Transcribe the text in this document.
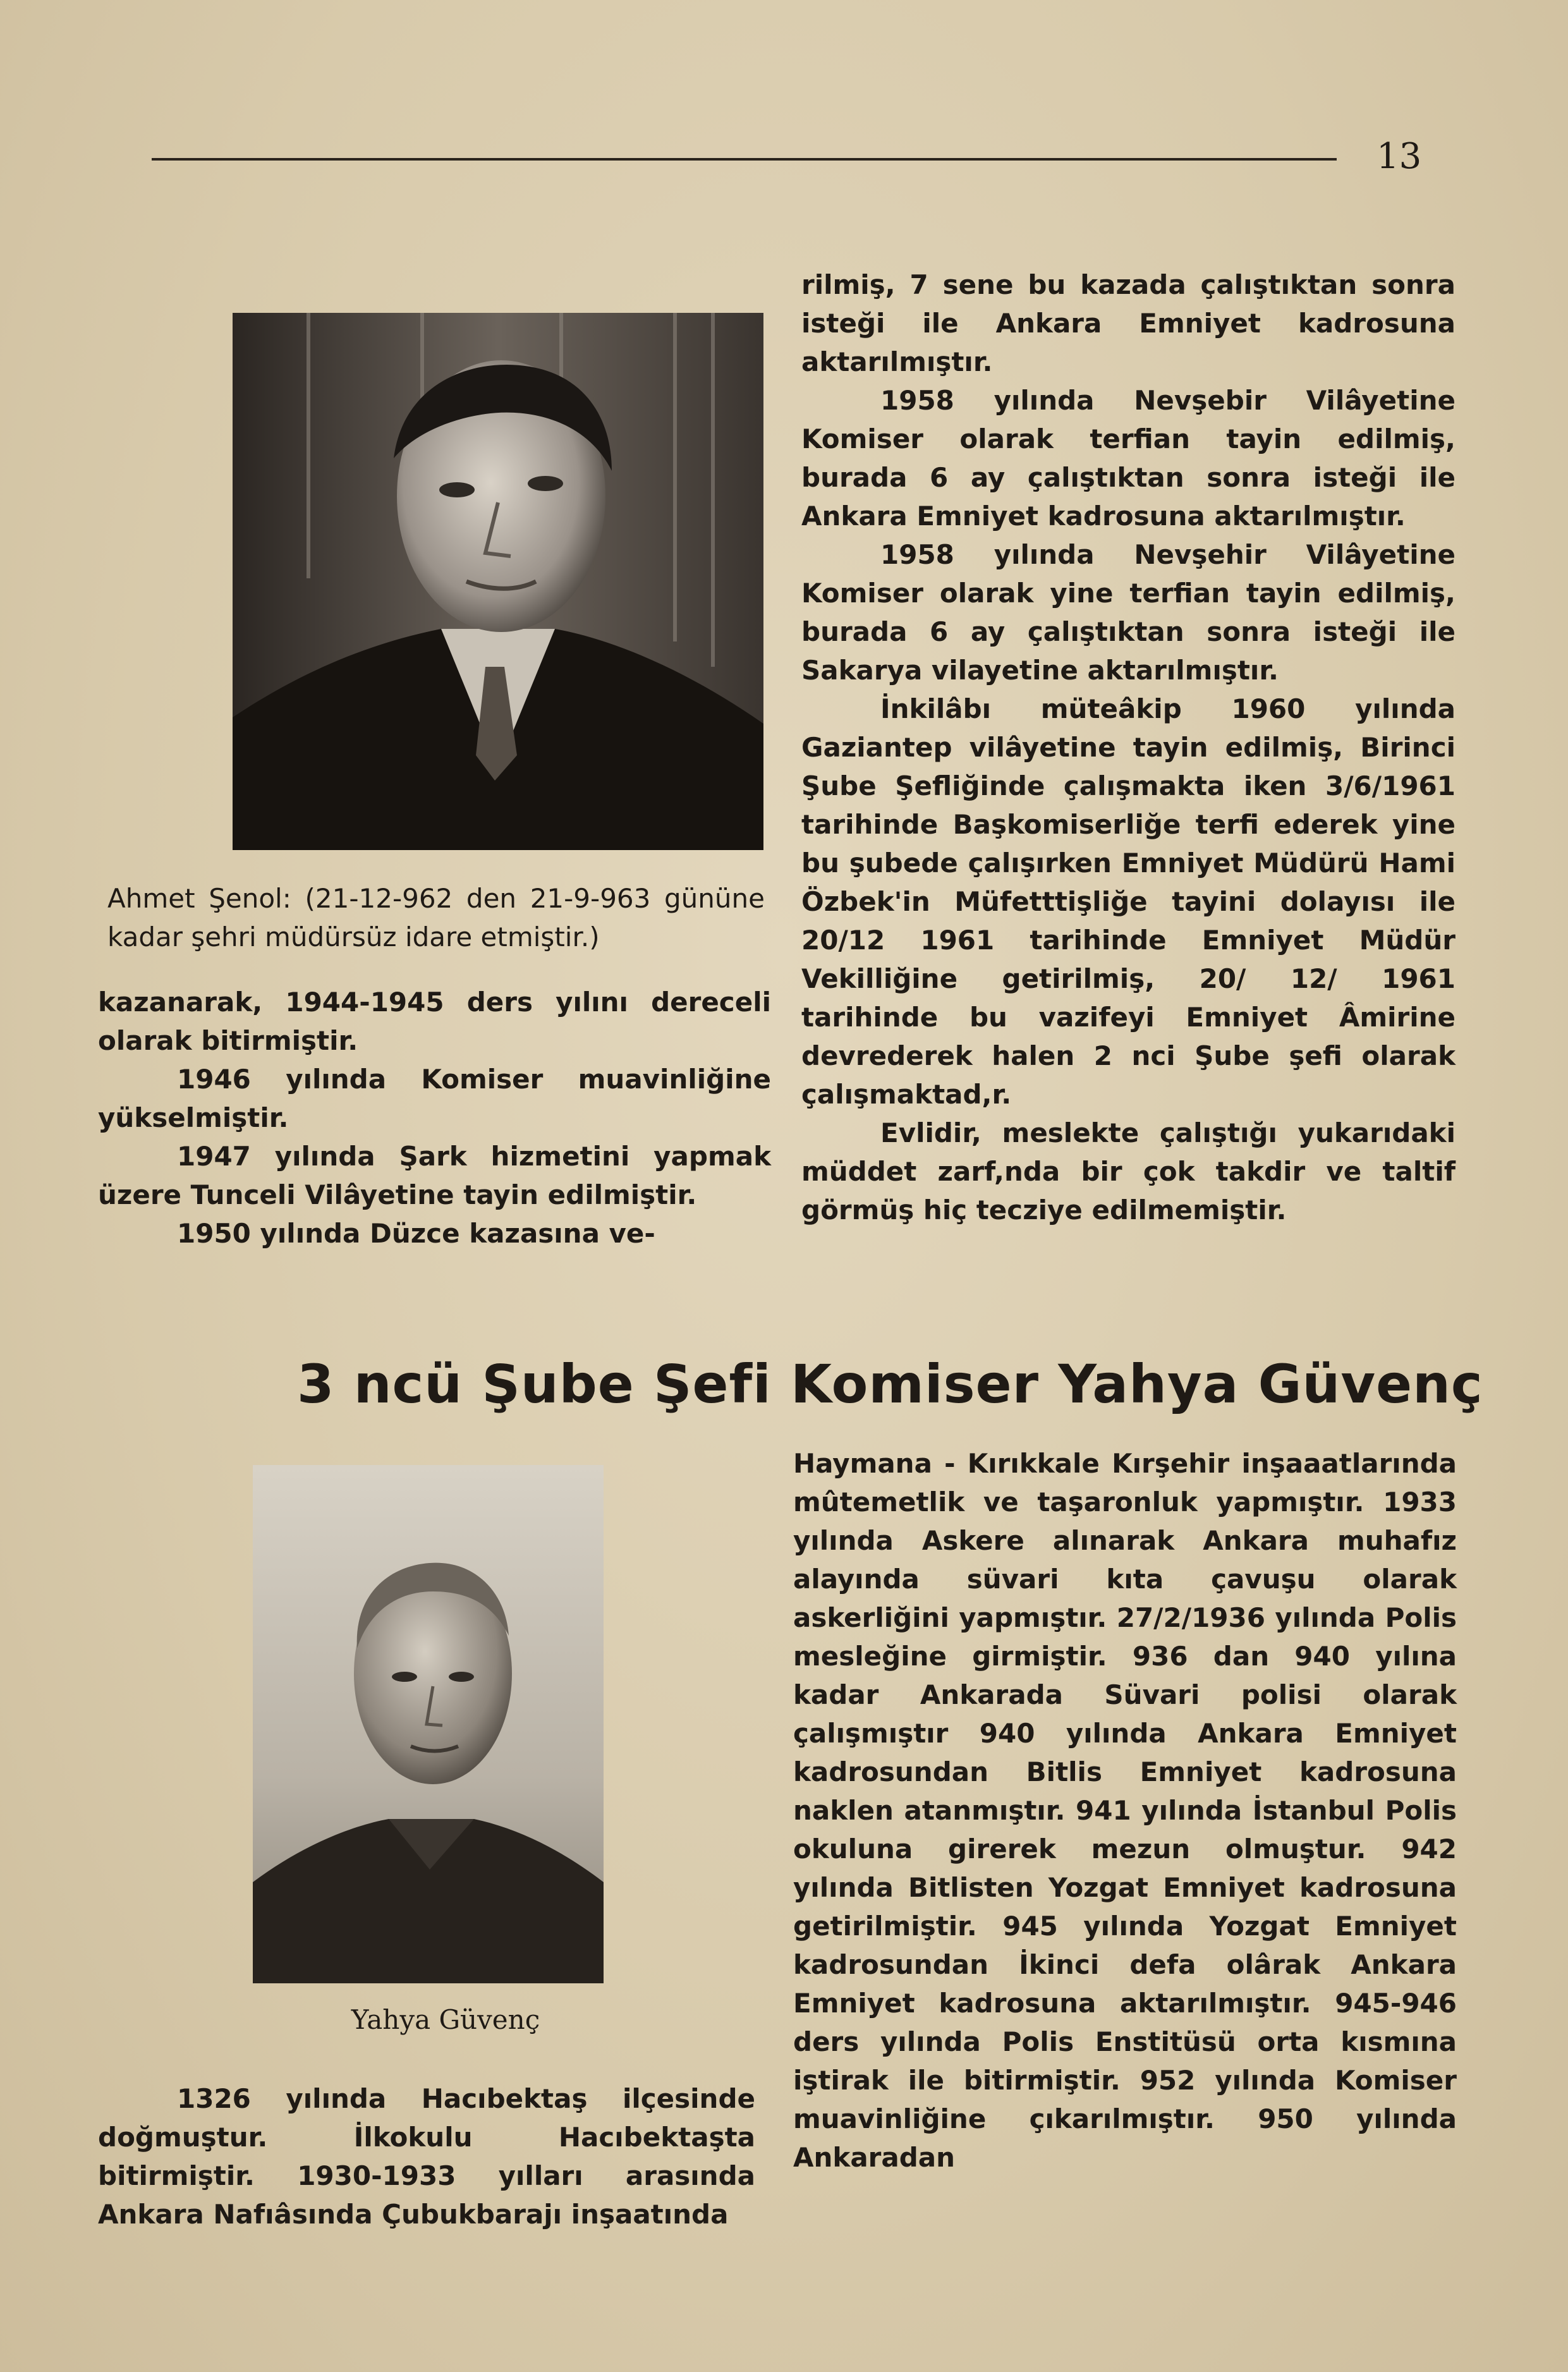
13
Ahmet Şenol: (21-12-962 den 21-9-963 gününe kadar şehri müdürsüz idare etmiştir.)

kazanarak, 1944-1945 ders yılını dereceli olarak bitirmiştir.

1946 yılında Komiser muavinliğine yükselmiştir.

1947 yılında Şark hizmetini yapmak üzere Tunceli Vilâyetine tayin edilmiştir.

1950 yılında Düzce kazasına ve-

rilmiş, 7 sene bu kazada çalıştıktan sonra isteği ile Ankara Emniyet kadrosuna aktarılmıştır.

1958 yılında Nevşebir Vilâyetine Komiser olarak terfian tayin edilmiş, burada 6 ay çalıştıktan sonra isteği ile Ankara Emniyet kadrosuna aktarılmıştır.

1958 yılında Nevşehir Vilâyetine Komiser olarak yine terfian tayin edilmiş, burada 6 ay çalıştıktan sonra isteği ile Sakarya vilayetine aktarılmıştır.

İnkilâbı müteâkip 1960 yılında Gaziantep vilâyetine tayin edilmiş, Birinci Şube Şefliğinde çalışmakta iken 3/6/1961 tarihinde Başkomiserliğe terfi ederek yine bu şubede çalışırken Emniyet Müdürü Hami Özbek'in Müfetttişliğe tayini dolayısı ile 20/12 1961 tarihinde Emniyet Müdür Vekilliğine getirilmiş, 20/ 12/ 1961 tarihinde bu vazifeyi Emniyet Âmirine devrederek halen 2 nci Şube şefi olarak çalışmaktad,r.

Evlidir, meslekte çalıştığı yukarıdaki müddet zarf,nda bir çok takdir ve taltif görmüş hiç tecziye edilmemiştir.

3 ncü Şube Şefi Komiser Yahya Güvenç
Yahya Güvenç

1326 yılında Hacıbektaş ilçesinde doğmuştur. İlkokulu Hacıbektaşta bitirmiştir. 1930-1933 yılları arasında Ankara Nafıâsında Çubukbarajı inşaatında

Haymana - Kırıkkale Kırşehir inşaaatlarında mûtemetlik ve taşaronluk yapmıştır. 1933 yılında Askere alınarak Ankara muhafız alayında süvari kıta çavuşu olarak askerliğini yapmıştır. 27/2/1936 yılında Polis mesleğine girmiştir. 936 dan 940 yılına kadar Ankarada Süvari polisi olarak çalışmıştır 940 yılında Ankara Emniyet kadrosundan Bitlis Emniyet kadrosuna naklen atanmıştır. 941 yılında İstanbul Polis okuluna girerek mezun olmuştur. 942 yılında Bitlisten Yozgat Emniyet kadrosuna getirilmiştir. 945 yılında Yozgat Emniyet kadrosundan İkinci defa olârak Ankara Emniyet kadrosuna aktarılmıştır. 945-946 ders yılında Polis Enstitüsü orta kısmına iştirak ile bitirmiştir. 952 yılında Komiser muavinliğine çıkarılmıştır. 950 yılında Ankaradan
